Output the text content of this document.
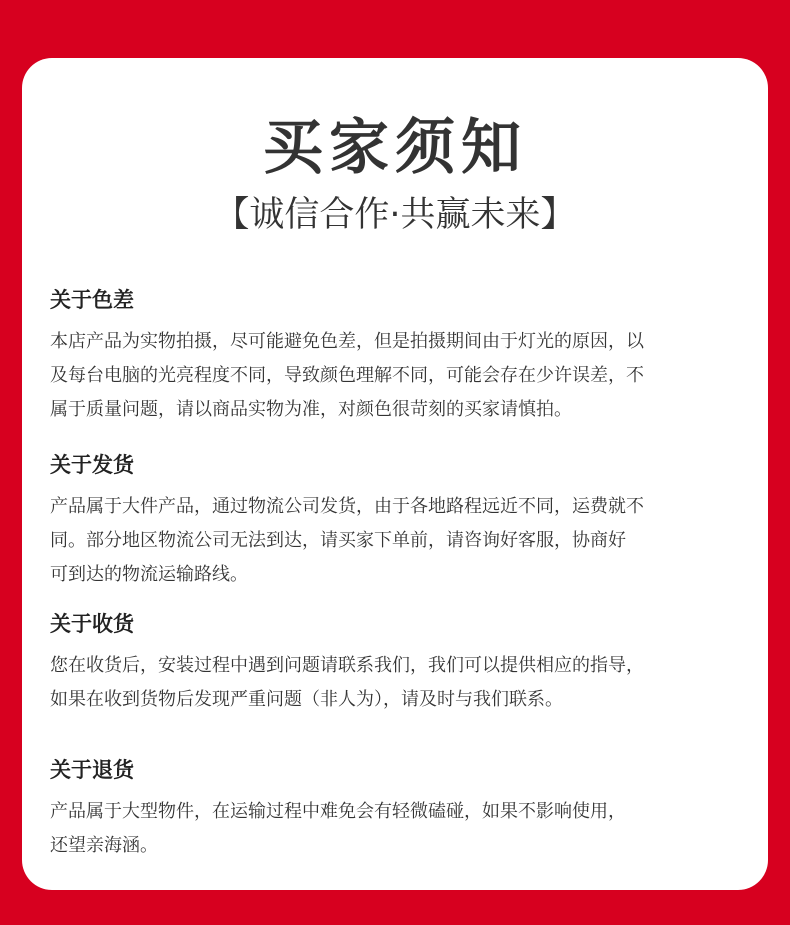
买家须知
【诚信合作·共赢未来】
关于色差

本店产品为实物拍摄，尽可能避免色差，但是拍摄期间由于灯光的原因，以
及每台电脑的光亮程度不同，导致颜色理解不同，可能会存在少许误差，不
属于质量问题，请以商品实物为准，对颜色很苛刻的买家请慎拍。

关于发货

产品属于大件产品，通过物流公司发货，由于各地路程远近不同，运费就不
同。部分地区物流公司无法到达，请买家下单前，请咨询好客服，协商好
可到达的物流运输路线。

关于收货

您在收货后，安装过程中遇到问题请联系我们，我们可以提供相应的指导，
如果在收到货物后发现严重问题（非人为），请及时与我们联系。

关于退货

产品属于大型物件，在运输过程中难免会有轻微磕碰，如果不影响使用，
还望亲海涵。
